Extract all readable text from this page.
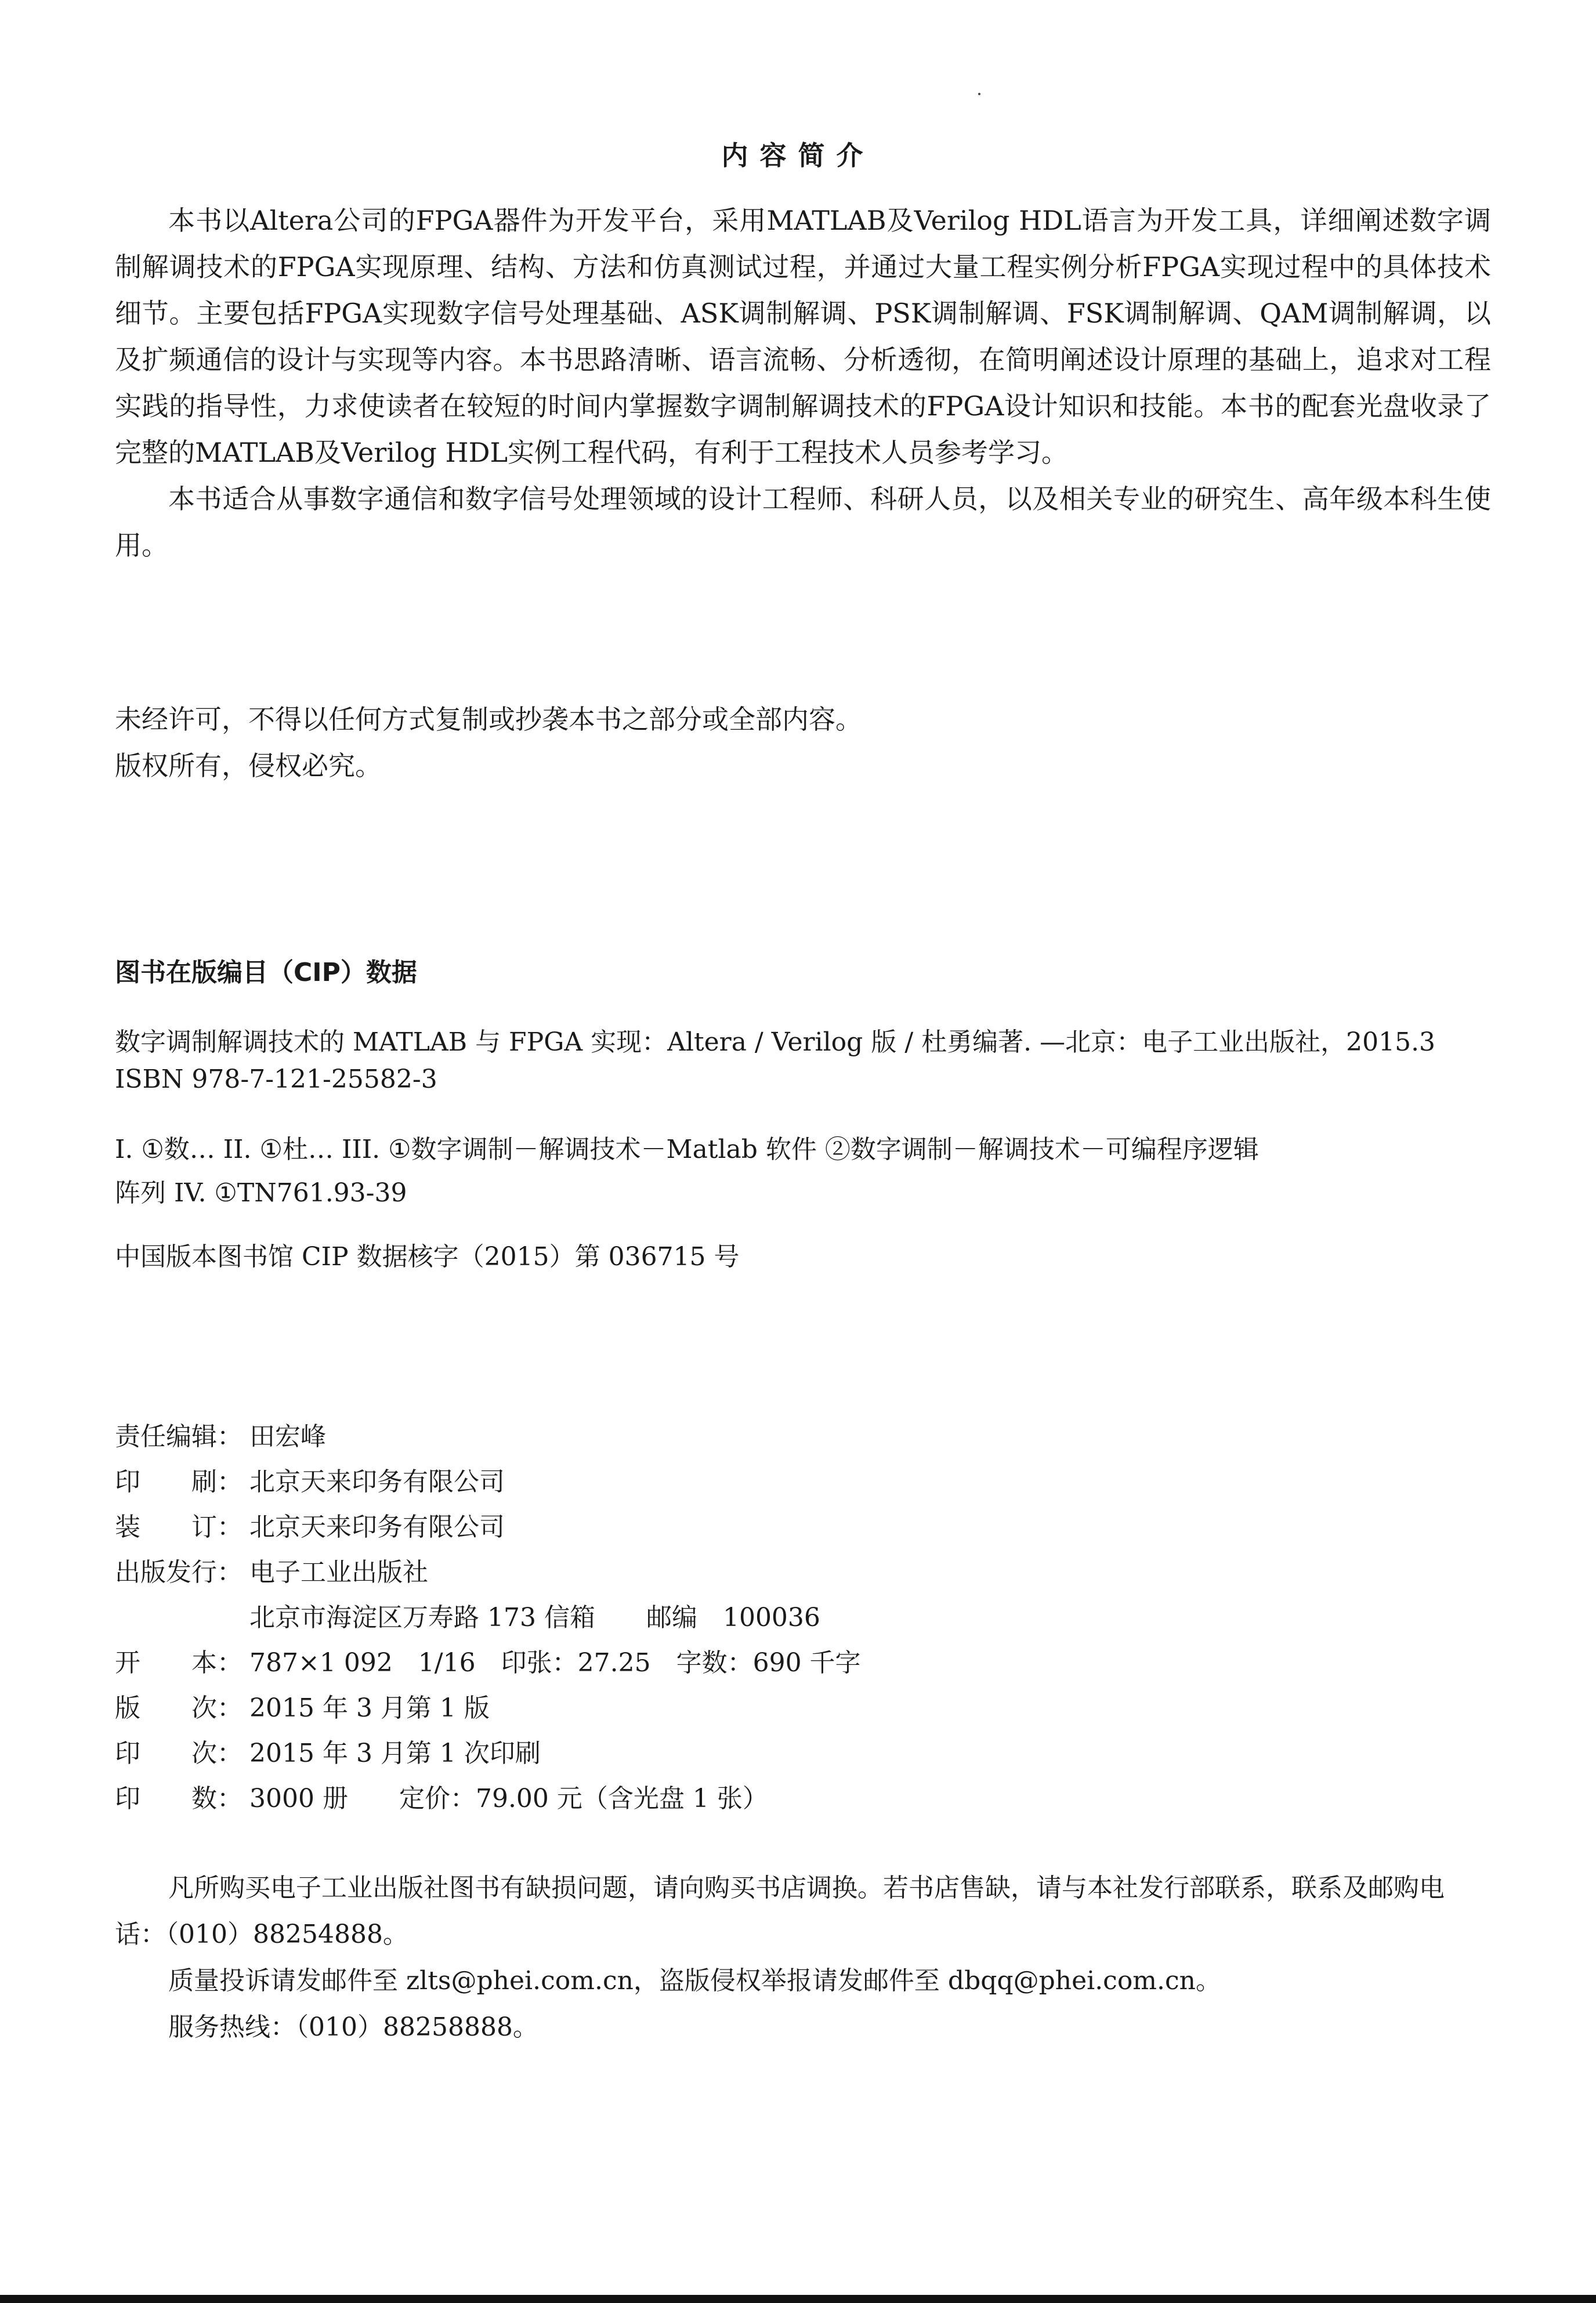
内容简介

本书以Altera公司的FPGA器件为开发平台，采用MATLAB及Verilog HDL语言为开发工具，详细阐述数字调制解调技术的FPGA实现原理、结构、方法和仿真测试过程，并通过大量工程实例分析FPGA实现过程中的具体技术细节。主要包括FPGA实现数字信号处理基础、ASK调制解调、PSK调制解调、FSK调制解调、QAM调制解调，以及扩频通信的设计与实现等内容。本书思路清晰、语言流畅、分析透彻，在简明阐述设计原理的基础上，追求对工程实践的指导性，力求使读者在较短的时间内掌握数字调制解调技术的FPGA设计知识和技能。本书的配套光盘收录了完整的MATLAB及Verilog HDL实例工程代码，有利于工程技术人员参考学习。

本书适合从事数字通信和数字信号处理领域的设计工程师、科研人员，以及相关专业的研究生、高年级本科生使用。

未经许可，不得以任何方式复制或抄袭本书之部分或全部内容。

版权所有，侵权必究。

图书在版编目（CIP）数据
数字调制解调技术的 MATLAB 与 FPGA 实现：Altera / Verilog 版 / 杜勇编著. —北京：电子工业出版社，2015.3
ISBN 978-7-121-25582-3
I. ①数… II. ①杜… III. ①数字调制－解调技术－Matlab 软件 ②数字调制－解调技术－可编程序逻辑
阵列 IV. ①TN761.93-39
中国版本图书馆 CIP 数据核字（2015）第 036715 号
责任编辑： 田宏峰
印　　刷： 北京天来印务有限公司
装　　订： 北京天来印务有限公司
出版发行： 电子工业出版社
北京市海淀区万寿路 173 信箱　　邮编　100036
开　　本： 787×1 092　1/16　印张：27.25　字数：690 千字
版　　次： 2015 年 3 月第 1 版
印　　次： 2015 年 3 月第 1 次印刷
印　　数： 3000 册　　定价：79.00 元（含光盘 1 张）

凡所购买电子工业出版社图书有缺损问题，请向购买书店调换。若书店售缺，请与本社发行部联系，联系及邮购电话：（010）88254888。

质量投诉请发邮件至 zlts@phei.com.cn，盗版侵权举报请发邮件至 dbqq@phei.com.cn。

服务热线：（010）88258888。
